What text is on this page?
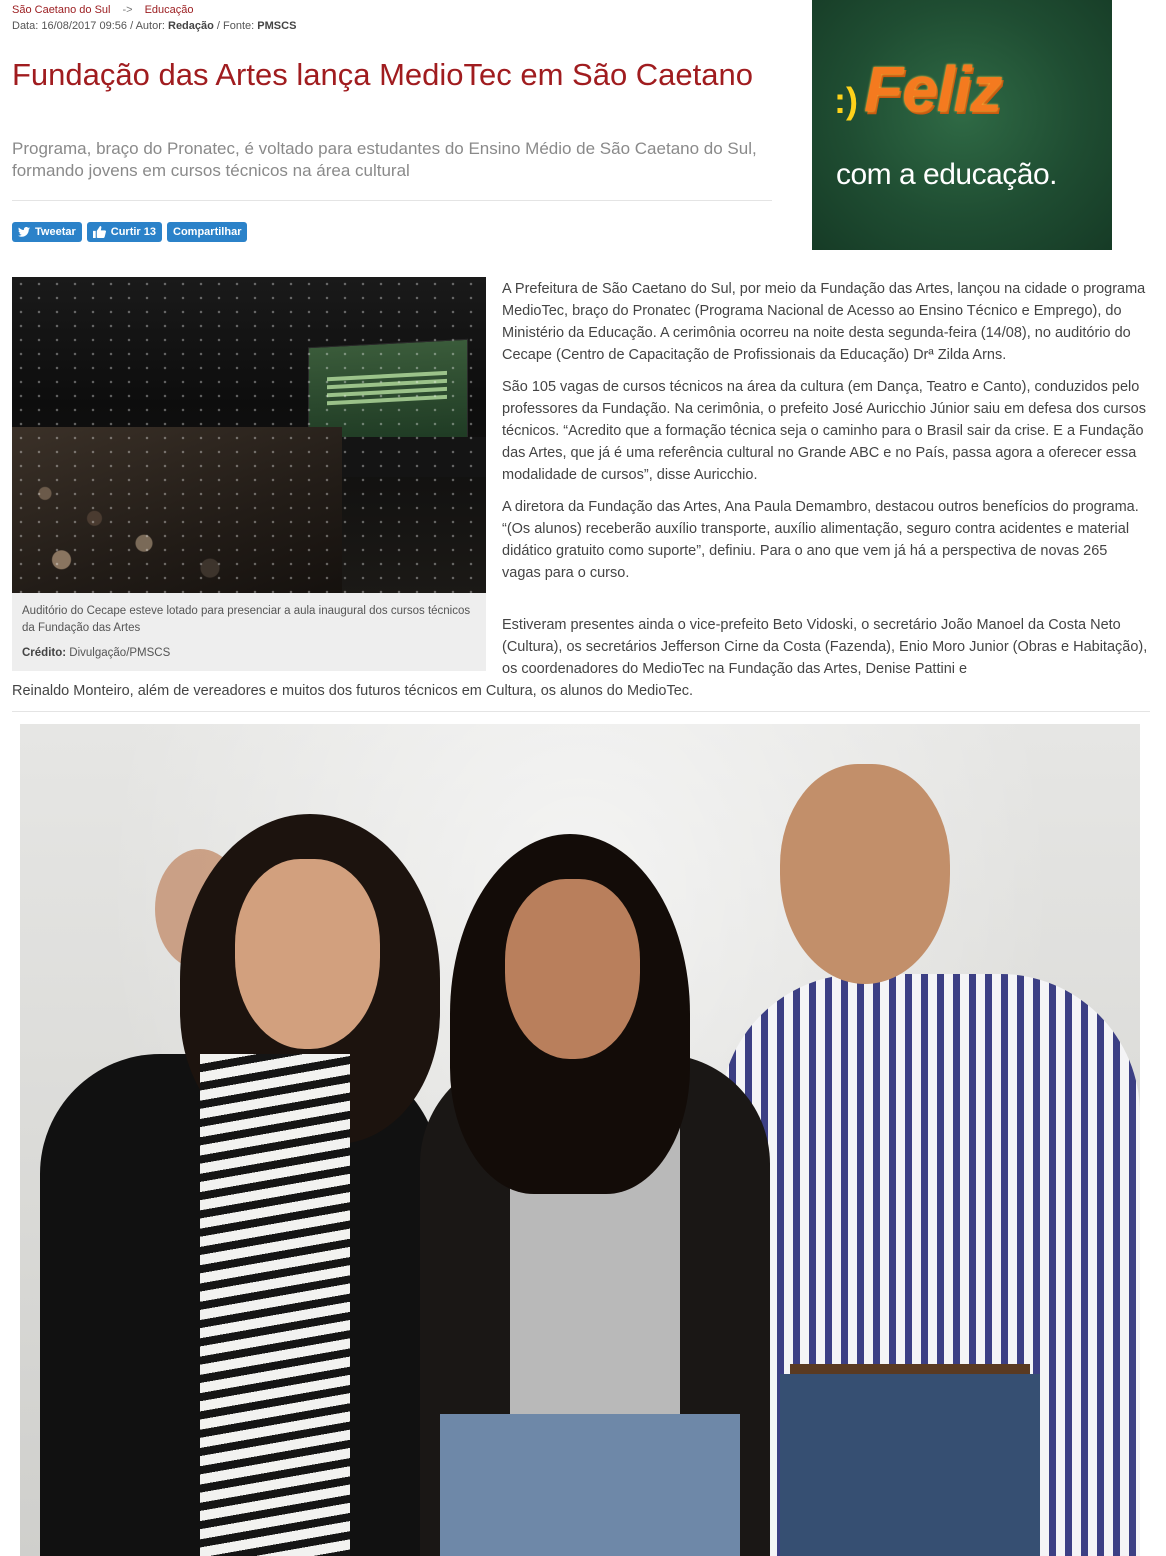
São Caetano do Sul -> Educação
Data: 16/08/2017 09:56 / Autor: Redação / Fonte: PMSCS
Fundação das Artes lança MedioTec em São Caetano

Programa, braço do Pronatec, é voltado para estudantes do Ensino Médio de São Caetano do Sul, formando jovens em cursos técnicos na área cultural

Tweetar	Curtir 13 Compartilhar
:) Feliz
com a educação.
Auditório do Cecape esteve lotado para presenciar a aula inaugural dos cursos técnicos da Fundação das Artes
Crédito: Divulgação/PMSCS

A Prefeitura de São Caetano do Sul, por meio da Fundação das Artes, lançou na cidade o programa MedioTec, braço do Pronatec (Programa Nacional de Acesso ao Ensino Técnico e Emprego), do Ministério da Educação. A cerimônia ocorreu na noite desta segunda-feira (14/08), no auditório do Cecape (Centro de Capacitação de Profissionais da Educação) Drª Zilda Arns.

São 105 vagas de cursos técnicos na área da cultura (em Dança, Teatro e Canto), conduzidos pelo professores da Fundação. Na cerimônia, o prefeito José Auricchio Júnior saiu em defesa dos cursos técnicos. “Acredito que a formação técnica seja o caminho para o Brasil sair da crise. E a Fundação das Artes, que já é uma referência cultural no Grande ABC e no País, passa agora a oferecer essa modalidade de cursos”, disse Auricchio.

A diretora da Fundação das Artes, Ana Paula Demambro, destacou outros benefícios do programa. “(Os alunos) receberão auxílio transporte, auxílio alimentação, seguro contra acidentes e material didático gratuito como suporte”, definiu. Para o ano que vem já há a perspectiva de novas 265 vagas para o curso.

Estiveram presentes ainda o vice-prefeito Beto Vidoski, o secretário João Manoel da Costa Neto (Cultura), os secretários Jefferson Cirne da Costa (Fazenda), Enio Moro Junior (Obras e Habitação), os coordenadores do MedioTec na Fundação das Artes, Denise Pattini e
Reinaldo Monteiro, além de vereadores e muitos dos futuros técnicos em Cultura, os alunos do MedioTec.
